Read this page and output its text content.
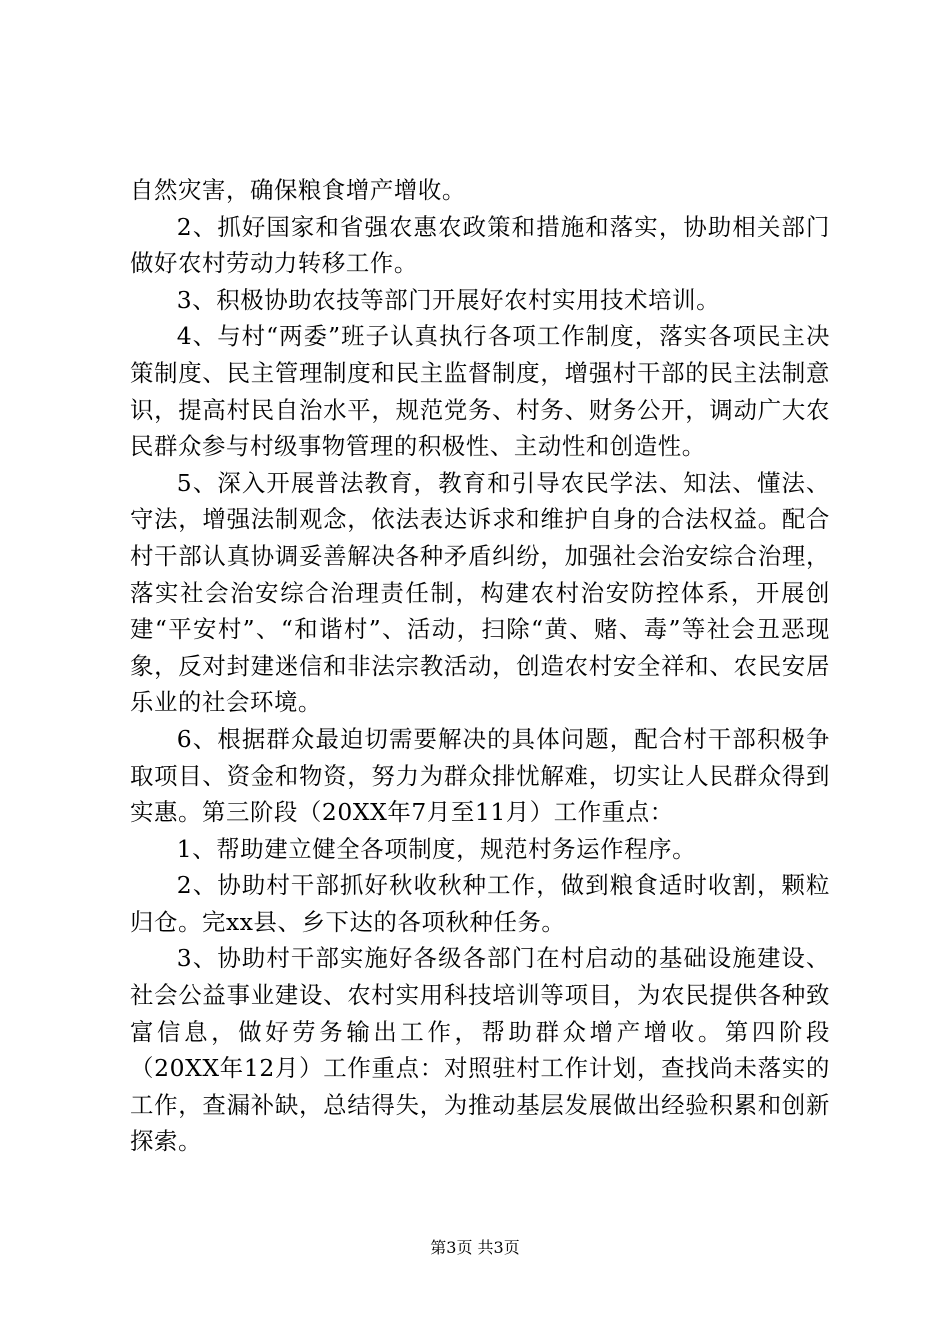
自然灾害，确保粮食增产增收。

2、抓好国家和省强农惠农政策和措施和落实，协助相关部门做好农村劳动力转移工作。

3、积极协助农技等部门开展好农村实用技术培训。

4、与村“两委”班子认真执行各项工作制度，落实各项民主决策制度、民主管理制度和民主监督制度，增强村干部的民主法制意识，提高村民自治水平，规范党务、村务、财务公开，调动广大农民群众参与村级事物管理的积极性、主动性和创造性。

5、深入开展普法教育，教育和引导农民学法、知法、懂法、守法，增强法制观念，依法表达诉求和维护自身的合法权益。配合村干部认真协调妥善解决各种矛盾纠纷，加强社会治安综合治理，落实社会治安综合治理责任制，构建农村治安防控体系，开展创建“平安村”、“和谐村”、活动，扫除“黄、赌、毒”等社会丑恶现象，反对封建迷信和非法宗教活动，创造农村安全祥和、农民安居乐业的社会环境。

6、根据群众最迫切需要解决的具体问题，配合村干部积极争取项目、资金和物资，努力为群众排忧解难，切实让人民群众得到实惠。第三阶段（20XX年7月至11月）工作重点：

1、帮助建立健全各项制度，规范村务运作程序。

2、协助村干部抓好秋收秋种工作，做到粮食适时收割，颗粒归仓。完xx县、乡下达的各项秋种任务。

3、协助村干部实施好各级各部门在村启动的基础设施建设、社会公益事业建设、农村实用科技培训等项目，为农民提供各种致富信息，做好劳务输出工作，帮助群众增产增收。第四阶段（20XX年12月）工作重点：对照驻村工作计划，查找尚未落实的工作，查漏补缺，总结得失，为推动基层发展做出经验积累和创新探索。

第3页 共3页
